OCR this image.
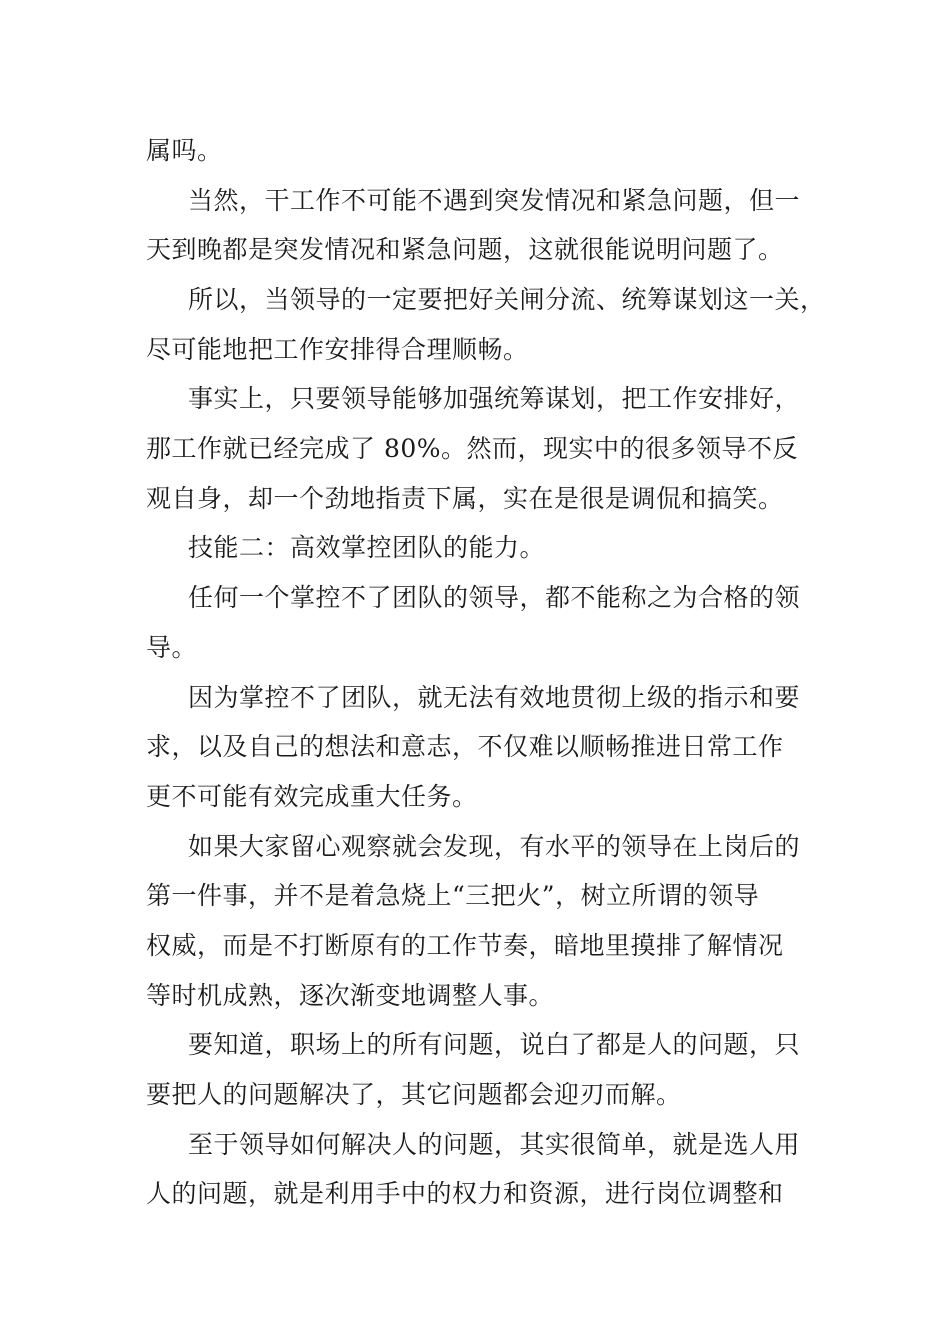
属吗。
当然，干工作不可能不遇到突发情况和紧急问题，但一
天到晚都是突发情况和紧急问题，这就很能说明问题了。
所以，当领导的一定要把好关闸分流、统筹谋划这一关，
尽可能地把工作安排得合理顺畅。
事实上，只要领导能够加强统筹谋划，把工作安排好，
那工作就已经完成了 80%。然而，现实中的很多领导不反
观自身，却一个劲地指责下属，实在是很是调侃和搞笑。
技能二：高效掌控团队的能力。
任何一个掌控不了团队的领导，都不能称之为合格的领
导。
因为掌控不了团队，就无法有效地贯彻上级的指示和要
求，以及自己的想法和意志，不仅难以顺畅推进日常工作
更不可能有效完成重大任务。
如果大家留心观察就会发现，有水平的领导在上岗后的
第一件事，并不是着急烧上“三把火”，树立所谓的领导
权威，而是不打断原有的工作节奏，暗地里摸排了解情况
等时机成熟，逐次渐变地调整人事。
要知道，职场上的所有问题，说白了都是人的问题，只
要把人的问题解决了，其它问题都会迎刃而解。
至于领导如何解决人的问题，其实很简单，就是选人用
人的问题，就是利用手中的权力和资源，进行岗位调整和
